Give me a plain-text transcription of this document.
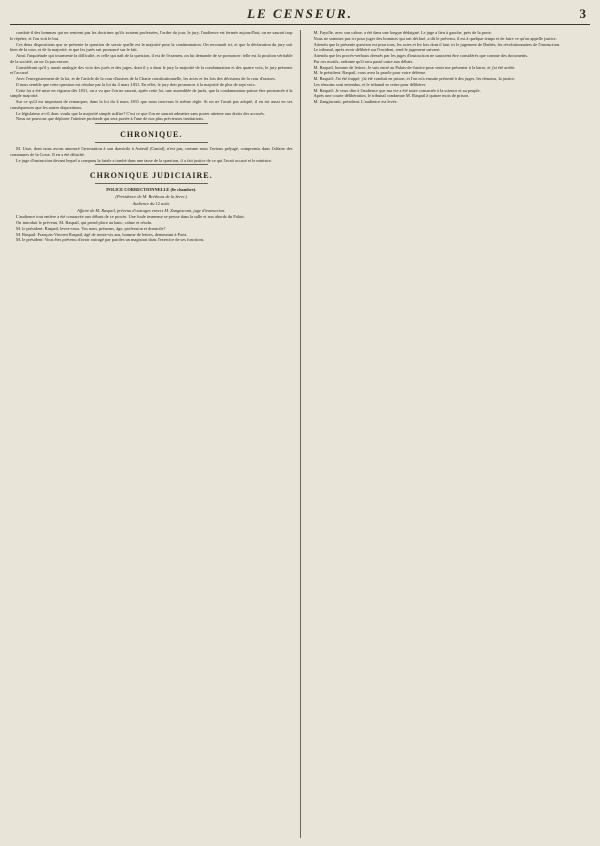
LE CENSEUR.	3

conduit-il des hommes qui ne rentrent pas les doctrines qu'ils avaient professées, l'ordre du jour, le jury, l'audience est fermée aujourd'hui; on ne saurait trop le répéter, et l'on voit le but.

Ces deux dispositions que se présente la question de savoir quelle est la majorité pour la condamnation. On reconnaît ici, et que la déclaration du jury soit bien de la cour, et de la majorité, et que les jurés ont prononcé sur le fait.

Ainsi l'inquiétude qui tourmente la difficulté, et celle qui naît de la question, il est de l'examen, on lui demande de se prononcer: telle est la position véritable de la société, on ne l'a pas encore.

Considérant qu'il y aurait analogie des voix des jurés et des juges, dont il y a dans le jury la majorité de la condamnation et des quatre voix, le jury présente et l'accusé.

Avec l'enregistrement de la loi, et de l'article de la cour d'assises de la Charte constitutionnelle, les actes et les lois des décisions de la cour d'assises.

Il nous semble que cette question est résolue par la loi du 4 mars 1831. En effet, le jury doit prononcer à la majorité de plus de sept voix.

Cette loi a été mise en vigueur dès 1831, on a vu que l'on ne saurait, après cette loi, une assemblée de jurés, que la condamnation puisse être prononcée à la simple majorité.

Sur ce qu'il est important de remarquer, dans la loi du 4 mars 1831 que nous trouvons le même règle. Si on ne l'avait pas adopté, il en est aussi en ses conséquences que les autres dispositions.

Le législateur a-t-il donc voulu que la majorité simple suffise? C'est ce que l'on ne saurait admettre sans porter atteinte aux droits des accusés.

Nous ne pouvons que déplorer l'atteinte profonde qui sera portée à l'une de nos plus précieuses institutions.

CHRONIQUE.

M. Usse, dont nous avons annoncé l'arrestation à son domicile à Auteuil (Cantal), n'est pas, comme nous l'avions préjugé, compromis dans l'affaire des communes de la Corse. Il en a été détaché.

Le juge d'instruction devant lequel a comparu la fatale a tombé dans une tasse de la question, il a fait justice de ce qui l'avait accusé et le ministre.

CHRONIQUE JUDICIAIRE.
POLICE CORRECTIONNELLE (6e chambre).
(Présidence de M. Bréthous de la Serre.)
Audience du 12 août.
Affaire de M. Raspail, prévenu d'outrages envers M. Zangiacomi, juge d'instruction.

L'audience tout entière a été consacrée aux débats de ce procès. Une foule immense se presse dans la salle et aux abords du Palais.

On introduit le prévenu, M. Raspail, qui prend place au banc, calme et résolu.

M. le président: Raspail, levez-vous. Vos nom, prénoms, âge, profession et domicile?

M. Raspail: François-Vincent Raspail, âgé de trente-six ans, homme de lettres, demeurant à Paris.

M. le président: Vous êtes prévenu d'avoir outragé par paroles un magistrat dans l'exercice de ses fonctions.

M. Fayolle, avec son calme, a été dans une longue dédaigné. Le juge a lieu à gauche, près de la porte.

Nous ne sommes pas ici pour juger des hommes qui ont déclaré, a dit le prévenu, il est à quelque temps et de faire ce qu'on appelle justice.

Attendu que la présente question est pour tous, les actes et les lois dont il faut ici le jugement de Barbès, les révolutionnaires de l'instruction.

Le tribunal, après avoir délibéré sur l'incident, rend le jugement suivant:

Attendu que les procès-verbaux dressés par les juges d'instruction ne sauraient être considérés que comme des documents.

Par ces motifs, ordonne qu'il sera passé outre aux débats.

M. Raspail, homme de lettres: Je suis entré au Palais-de-Justice pour venir me présenter à la barre, et j'ai été arrêté.

M. le président: Raspail, vous avez la parole pour votre défense.

M. Raspail: J'ai été frappé, j'ai été conduit en prison, et l'on m'a ensuite présenté à des juges, les témoins, la justice.

Les témoins sont entendus, et le tribunal se retire pour délibérer.

M. Raspail: Je veux dire à l'audience que ma vie a été toute consacrée à la science et au peuple.

Après une courte délibération, le tribunal condamne M. Raspail à quinze mois de prison.

M. Zangiacomi, président: L'audience est levée.
